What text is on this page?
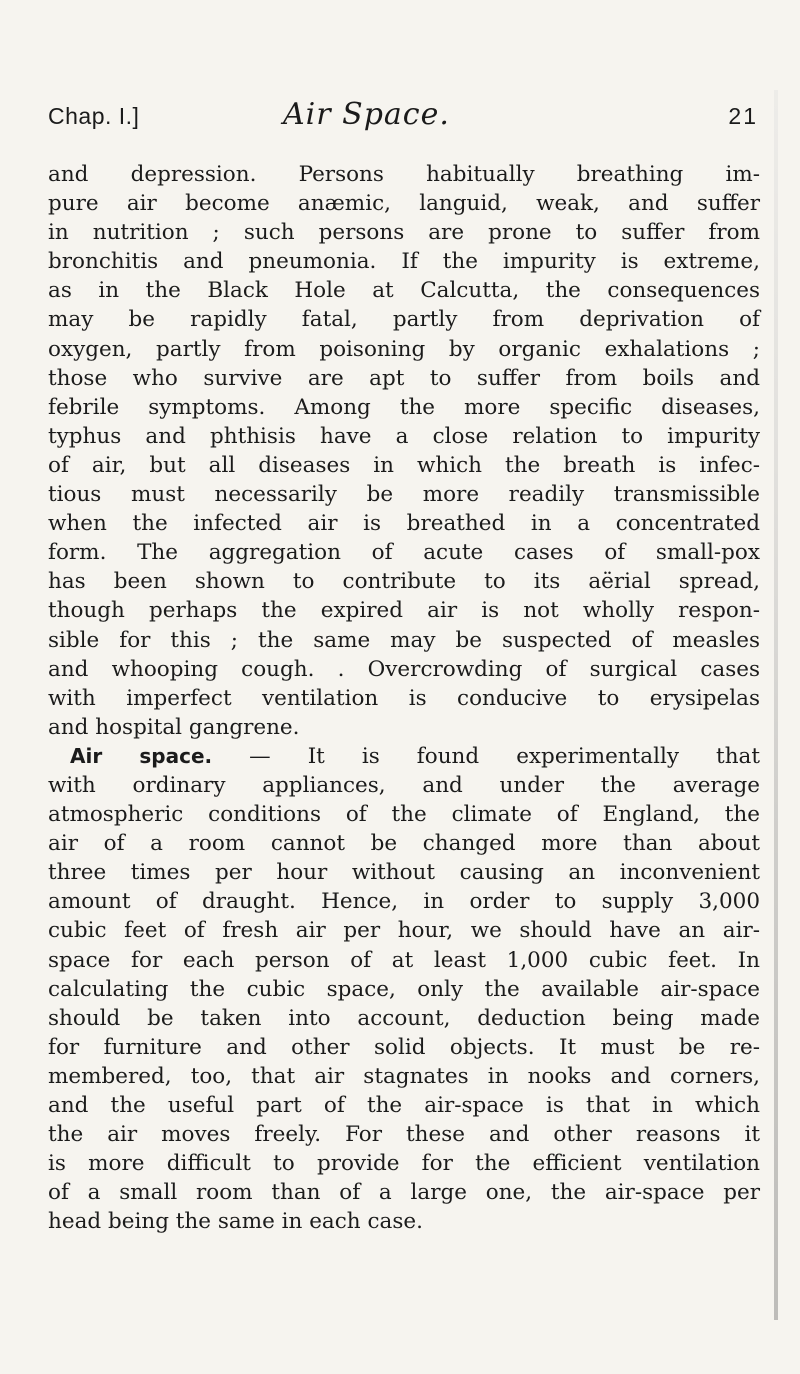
Chap. I.]	Air Space.	21
and depression. Persons habitually breathing im-
pure air become anæmic, languid, weak, and suffer
in nutrition ; such persons are prone to suffer from
bronchitis and pneumonia. If the impurity is extreme,
as in the Black Hole at Calcutta, the consequences
may be rapidly fatal, partly from deprivation of
oxygen, partly from poisoning by organic exhalations ;
those who survive are apt to suffer from boils and
febrile symptoms. Among the more specific diseases,
typhus and phthisis have a close relation to impurity
of air, but all diseases in which the breath is infec-
tious must necessarily be more readily transmissible
when the infected air is breathed in a concentrated
form. The aggregation of acute cases of small-pox
has been shown to contribute to its aërial spread,
though perhaps the expired air is not wholly respon-
sible for this ; the same may be suspected of measles
and whooping cough. . Overcrowding of surgical cases
with imperfect ventilation is conducive to erysipelas
and hospital gangrene.
Air space. — It is found experimentally that
with ordinary appliances, and under the average
atmospheric conditions of the climate of England, the
air of a room cannot be changed more than about
three times per hour without causing an inconvenient
amount of draught. Hence, in order to supply 3,000
cubic feet of fresh air per hour, we should have an air-
space for each person of at least 1,000 cubic feet. In
calculating the cubic space, only the available air-space
should be taken into account, deduction being made
for furniture and other solid objects. It must be re-
membered, too, that air stagnates in nooks and corners,
and the useful part of the air-space is that in which
the air moves freely. For these and other reasons it
is more difficult to provide for the efficient ventilation
of a small room than of a large one, the air-space per
head being the same in each case.
